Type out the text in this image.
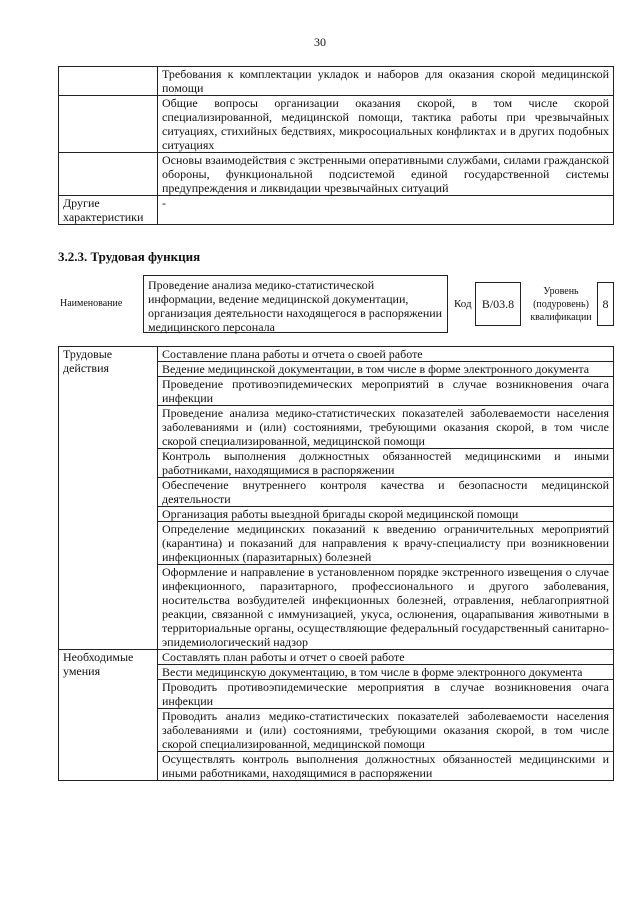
30
	Требования к комплектации укладок и наборов для оказания скорой медицинской помощи
	Общие вопросы организации оказания скорой, в том числе скорой специализированной, медицинской помощи, тактика работы при чрезвычайных ситуациях, стихийных бедствиях, микросоциальных конфликтах и в других подобных ситуациях
	Основы взаимодействия с экстренными оперативными службами, силами гражданской обороны, функциональной подсистемой единой государственной системы предупреждения и ликвидации чрезвычайных ситуаций
Другие характеристики	-
3.2.3. Трудовая функция
Наименование
Проведение анализа медико-статистической информации, ведение медицинской документации, организация деятельности находящегося в распоряжении медицинского персонала
Код B/03.8
Уровень (подуровень) квалификации
8
Трудовые действия	Составление плана работы и отчета о своей работе
	Ведение медицинской документации, в том числе в форме электронного документа
	Проведение противоэпидемических мероприятий в случае возникновения очага инфекции
	Проведение анализа медико-статистических показателей заболеваемости населения заболеваниями и (или) состояниями, требующими оказания скорой, в том числе скорой специализированной, медицинской помощи
	Контроль выполнения должностных обязанностей медицинскими и иными работниками, находящимися в распоряжении
	Обеспечение внутреннего контроля качества и безопасности медицинской деятельности
	Организация работы выездной бригады скорой медицинской помощи
	Определение медицинских показаний к введению ограничительных мероприятий (карантина) и показаний для направления к врачу-специалисту при возникновении инфекционных (паразитарных) болезней
	Оформление и направление в установленном порядке экстренного извещения о случае инфекционного, паразитарного, профессионального и другого заболевания, носительства возбудителей инфекционных болезней, отравления, неблагоприятной реакции, связанной с иммунизацией, укуса, ослюнения, оцарапывания животными в территориальные органы, осуществляющие федеральный государственный санитарно-эпидемиологический надзор
Необходимые умения	Составлять план работы и отчет о своей работе
	Вести медицинскую документацию, в том числе в форме электронного документа
	Проводить противоэпидемические мероприятия в случае возникновения очага инфекции
	Проводить анализ медико-статистических показателей заболеваемости населения заболеваниями и (или) состояниями, требующими оказания скорой, в том числе скорой специализированной, медицинской помощи
	Осуществлять контроль выполнения должностных обязанностей медицинскими и иными работниками, находящимися в распоряжении
